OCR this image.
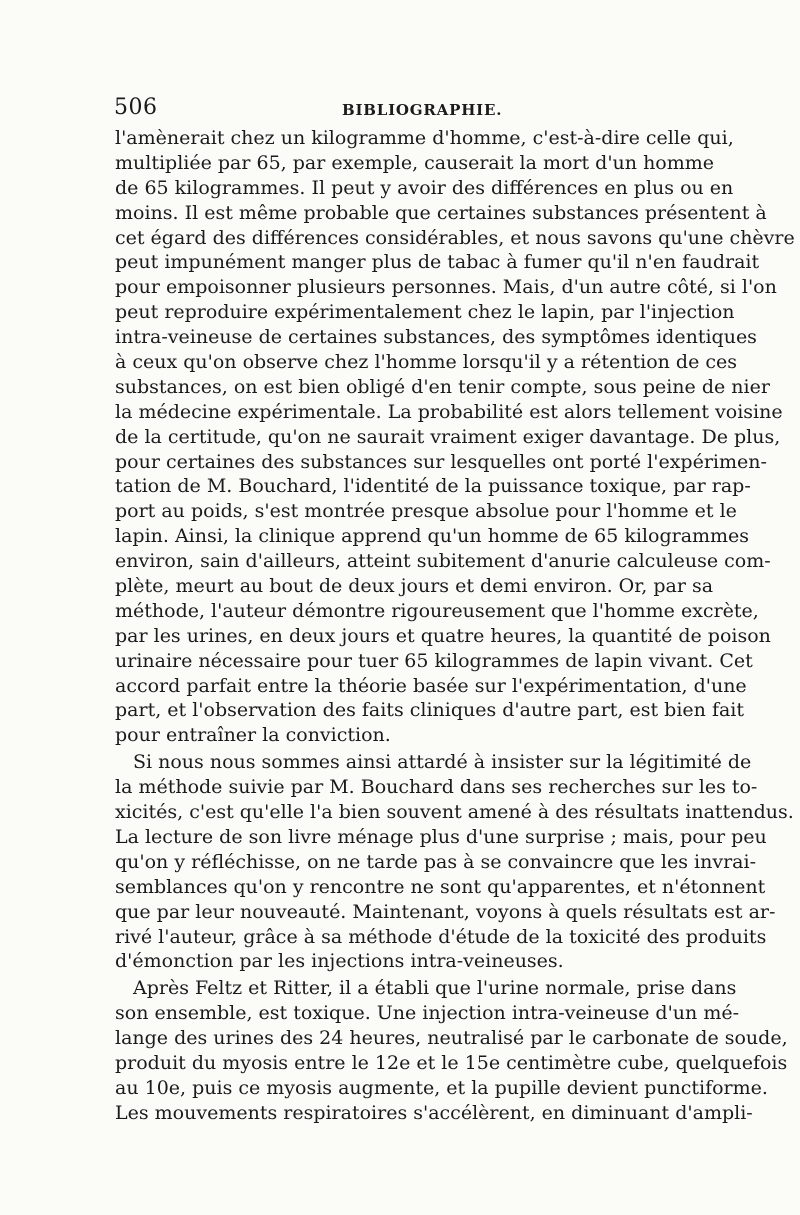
506	BIBLIOGRAPHIE.
l'amènerait chez un kilogramme d'homme, c'est-à-dire celle qui,
multipliée par 65, par exemple, causerait la mort d'un homme
de 65 kilogrammes. Il peut y avoir des différences en plus ou en
moins. Il est même probable que certaines substances présentent à
cet égard des différences considérables, et nous savons qu'une chèvre
peut impunément manger plus de tabac à fumer qu'il n'en faudrait
pour empoisonner plusieurs personnes. Mais, d'un autre côté, si l'on
peut reproduire expérimentalement chez le lapin, par l'injection
intra-veineuse de certaines substances, des symptômes identiques
à ceux qu'on observe chez l'homme lorsqu'il y a rétention de ces
substances, on est bien obligé d'en tenir compte, sous peine de nier
la médecine expérimentale. La probabilité est alors tellement voisine
de la certitude, qu'on ne saurait vraiment exiger davantage. De plus,
pour certaines des substances sur lesquelles ont porté l'expérimen-
tation de M. Bouchard, l'identité de la puissance toxique, par rap-
port au poids, s'est montrée presque absolue pour l'homme et le
lapin. Ainsi, la clinique apprend qu'un homme de 65 kilogrammes
environ, sain d'ailleurs, atteint subitement d'anurie calculeuse com-
plète, meurt au bout de deux jours et demi environ. Or, par sa
méthode, l'auteur démontre rigoureusement que l'homme excrète,
par les urines, en deux jours et quatre heures, la quantité de poison
urinaire nécessaire pour tuer 65 kilogrammes de lapin vivant. Cet
accord parfait entre la théorie basée sur l'expérimentation, d'une
part, et l'observation des faits cliniques d'autre part, est bien fait
pour entraîner la conviction.
Si nous nous sommes ainsi attardé à insister sur la légitimité de
la méthode suivie par M. Bouchard dans ses recherches sur les to-
xicités, c'est qu'elle l'a bien souvent amené à des résultats inattendus.
La lecture de son livre ménage plus d'une surprise ; mais, pour peu
qu'on y réfléchisse, on ne tarde pas à se convaincre que les invrai-
semblances qu'on y rencontre ne sont qu'apparentes, et n'étonnent
que par leur nouveauté. Maintenant, voyons à quels résultats est ar-
rivé l'auteur, grâce à sa méthode d'étude de la toxicité des produits
d'émonction par les injections intra-veineuses.
Après Feltz et Ritter, il a établi que l'urine normale, prise dans
son ensemble, est toxique. Une injection intra-veineuse d'un mé-
lange des urines des 24 heures, neutralisé par le carbonate de soude,
produit du myosis entre le 12e et le 15e centimètre cube, quelquefois
au 10e, puis ce myosis augmente, et la pupille devient punctiforme.
Les mouvements respiratoires s'accélèrent, en diminuant d'ampli-
